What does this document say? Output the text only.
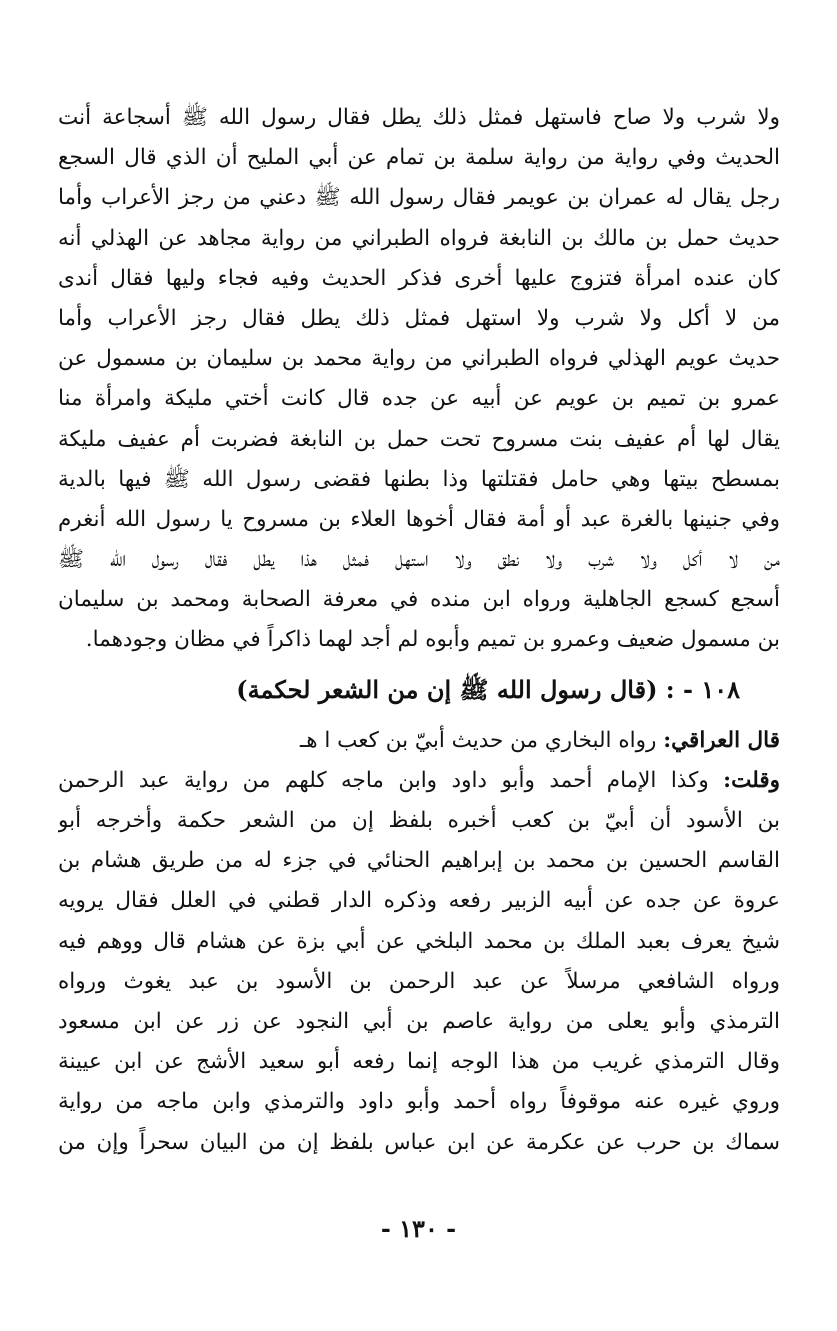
ولا شرب ولا صاح فاستهل فمثل ذلك يطل فقال رسول الله ﷺ أسجاعة أنت
الحديث وفي رواية من رواية سلمة بن تمام عن أبي المليح أن الذي قال السجع
رجل يقال له عمران بن عويمر فقال رسول الله ﷺ دعني من رجز الأعراب وأما
حديث حمل بن مالك بن النابغة فرواه الطبراني من رواية مجاهد عن الهذلي أنه
كان عنده امرأة فتزوج عليها أخرى فذكر الحديث وفيه فجاء وليها فقال أندى
من لا أكل ولا شرب ولا استهل فمثل ذلك يطل فقال رجز الأعراب وأما
حديث عويم الهذلي فرواه الطبراني من رواية محمد بن سليمان بن مسمول عن
عمرو بن تميم بن عويم عن أبيه عن جده قال كانت أختي مليكة وامرأة منا
يقال لها أم عفيف بنت مسروح تحت حمل بن النابغة فضربت أم عفيف مليكة
بمسطح بيتها وهي حامل فقتلتها وذا بطنها فقضى رسول الله ﷺ فيها بالدية
وفي جنينها بالغرة عبد أو أمة فقال أخوها العلاء بن مسروح يا رسول الله أنغرم
من لا أكل ولا شرب ولا نطق ولا استهل فمثل هذا يطل فقال رسول الله ﷺ
أسجع كسجع الجاهلية ورواه ابن منده في معرفة الصحابة ومحمد بن سليمان
بن مسمول ضعيف وعمرو بن تميم وأبوه لم أجد لهما ذاكراً في مظان وجودهما.
١٠٨ - : (قال رسول الله ﷺ إن من الشعر لحكمة)
قال العراقي: رواه البخاري من حديث أبيّ بن كعب ا هـ
وقلت: وكذا الإمام أحمد وأبو داود وابن ماجه كلهم من رواية عبد الرحمن
بن الأسود أن أبيّ بن كعب أخبره بلفظ إن من الشعر حكمة وأخرجه أبو
القاسم الحسين بن محمد بن إبراهيم الحنائي في جزء له من طريق هشام بن
عروة عن جده عن أبيه الزبير رفعه وذكره الدار قطني في العلل فقال يرويه
شيخ يعرف بعبد الملك بن محمد البلخي عن أبي بزة عن هشام قال ووهم فيه
ورواه الشافعي مرسلاً عن عبد الرحمن بن الأسود بن عبد يغوث ورواه
الترمذي وأبو يعلى من رواية عاصم بن أبي النجود عن زر عن ابن مسعود
وقال الترمذي غريب من هذا الوجه إنما رفعه أبو سعيد الأشج عن ابن عيينة
وروي غيره عنه موقوفاً رواه أحمد وأبو داود والترمذي وابن ماجه من رواية
سماك بن حرب عن عكرمة عن ابن عباس بلفظ إن من البيان سحراً وإن من
- ١٣٠ -
